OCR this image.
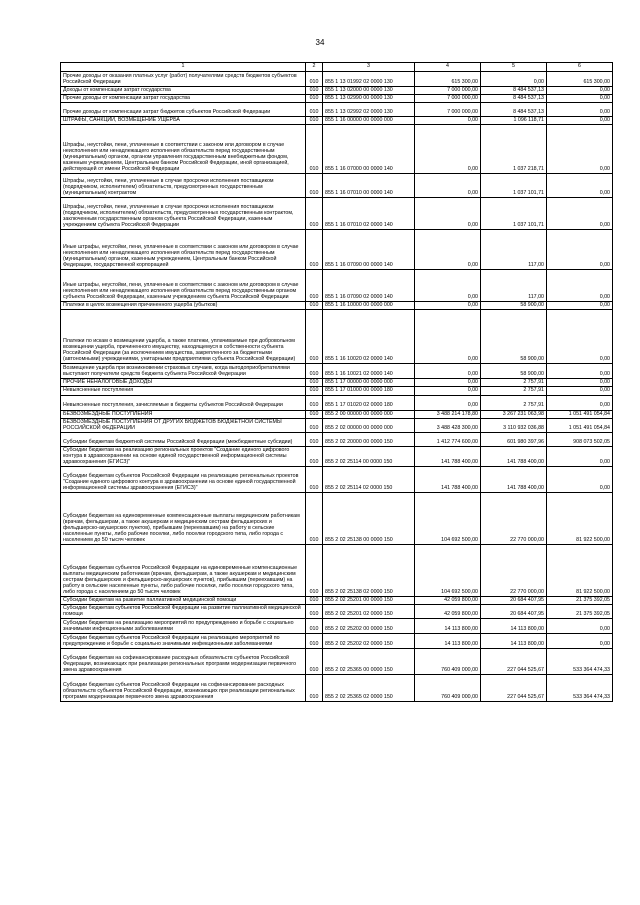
34
1	2	3	4	5	6
Прочие доходы от оказания платных услуг (работ) получателями средств бюджетов субъектов Российской Федерации	010	855 1 13 01992 02 0000 130	615 300,00	0,00	615 300,00
Доходы от компенсации затрат государства	010	855 1 13 02000 00 0000 130	7 000 000,00	8 484 537,13	0,00
Прочие доходы от компенсации затрат государства	010	855 1 13 02990 00 0000 130	7 000 000,00	8 484 537,13	0,00
Прочие доходы от компенсации затрат бюджетов субъектов Российской Федерации	010	855 1 13 02992 02 0000 130	7 000 000,00	8 484 537,13	0,00
ШТРАФЫ, САНКЦИИ, ВОЗМЕЩЕНИЕ УЩЕРБА	010	855 1 16 00000 00 0000 000	0,00	1 096 118,71	0,00
Штрафы, неустойки, пени, уплаченные в соответствии с законом или договором в случае неисполнения или ненадлежащего исполнения обязательств перед государственным (муниципальным) органом, органом управления государственным внебюджетным фондом, казенным учреждением, Центральным банком Российской Федерации, иной организацией, действующей от имени Российской Федерации	010	855 1 16 07000 00 0000 140	0,00	1 037 218,71	0,00
Штрафы, неустойки, пени, уплаченные в случае просрочки исполнения поставщиком (подрядчиком, исполнителем) обязательств, предусмотренных государственным (муниципальным) контрактом	010	855 1 16 07010 00 0000 140	0,00	1 037 101,71	0,00
Штрафы, неустойки, пени, уплаченные в случае просрочки исполнения поставщиком (подрядчиком, исполнителем) обязательств, предусмотренных государственным контрактом, заключенным государственным органом субъекта Российской Федерации, казенным учреждением субъекта Российской Федерации	010	855 1 16 07010 02 0000 140	0,00	1 037 101,71	0,00
Иные штрафы, неустойки, пени, уплаченные в соответствии с законом или договором в случае неисполнения или ненадлежащего исполнения обязательств перед государственным (муниципальным) органом, казенным учреждением, Центральным банком Российской Федерации, государственной корпорацией	010	855 1 16 07090 00 0000 140	0,00	117,00	0,00
Иные штрафы, неустойки, пени, уплаченные в соответствии с законом или договором в случае неисполнения или ненадлежащего исполнения обязательств перед государственным органом субъекта Российской Федерации, казенным учреждением субъекта Российской Федерации	010	855 1 16 07090 02 0000 140	0,00	117,00	0,00
Платежи в целях возмещения причиненного ущерба (убытков)	010	855 1 16 10000 00 0000 000	0,00	58 900,00	0,00
Платежи по искам о возмещении ущерба, а также платежи, уплачиваемые при добровольном возмещении ущерба, причиненного имуществу, находящемуся в собственности субъекта Российской Федерации (за исключением имущества, закрепленного за бюджетными (автономными) учреждениями, унитарными предприятиями субъекта Российской Федерации)	010	855 1 16 10020 02 0000 140	0,00	58 900,00	0,00
Возмещение ущерба при возникновении страховых случаев, когда выгодоприобретателями выступают получатели средств бюджета субъекта Российской Федерации	010	855 1 16 10021 02 0000 140	0,00	58 900,00	0,00
ПРОЧИЕ НЕНАЛОГОВЫЕ ДОХОДЫ	010	855 1 17 00000 00 0000 000	0,00	2 757,91	0,00
Невыясненные поступления	010	855 1 17 01000 00 0000 180	0,00	2 757,91	0,00
Невыясненные поступления, зачисляемые в бюджеты субъектов Российской Федерации	010	855 1 17 01020 02 0000 180	0,00	2 757,91	0,00
БЕЗВОЗМЕЗДНЫЕ ПОСТУПЛЕНИЯ	010	855 2 00 00000 00 0000 000	3 488 214 178,80	3 267 231 063,98	1 051 491 054,84
БЕЗВОЗМЕЗДНЫЕ ПОСТУПЛЕНИЯ ОТ ДРУГИХ БЮДЖЕТОВ БЮДЖЕТНОЙ СИСТЕМЫ РОССИЙСКОЙ ФЕДЕРАЦИИ	010	855 2 02 00000 00 0000 000	3 488 428 300,00	3 110 932 036,88	1 051 491 054,84
Субсидии бюджетам бюджетной системы Российской Федерации (межбюджетные субсидии)	010	855 2 02 20000 00 0000 150	1 412 774 600,00	601 980 397,96	908 073 502,05
Субсидии бюджетам на реализацию региональных проектов "Создание единого цифрового контура в здравоохранении на основе единой государственной информационной системы здравоохранения (ЕГИСЗ)"	010	855 2 02 25114 00 0000 150	141 788 400,00	141 788 400,00	0,00
Субсидии бюджетам субъектов Российской Федерации на реализацию региональных проектов "Создание единого цифрового контура в здравоохранении на основе единой государственной информационной системы здравоохранения (ЕГИСЗ)"	010	855 2 02 25114 02 0000 150	141 788 400,00	141 788 400,00	0,00
Субсидии бюджетам на единовременные компенсационные выплаты медицинским работникам (врачам, фельдшерам, а также акушеркам и медицинским сестрам фельдшерских и фельдшерско-акушерских пунктов), прибывшим (переехавшим) на работу в сельские населенные пункты, либо рабочие поселки, либо поселки городского типа, либо города с населением до 50 тысяч человек	010	855 2 02 25138 00 0000 150	104 692 500,00	22 770 000,00	81 922 500,00
Субсидии бюджетам субъектов Российской Федерации на единовременные компенсационные выплаты медицинским работникам (врачам, фельдшерам, а также акушеркам и медицинским сестрам фельдшерских и фельдшерско-акушерских пунктов), прибывшим (переехавшим) на работу в сельские населенные пункты, либо рабочие поселки, либо поселки городского типа, либо города с населением до 50 тысяч человек	010	855 2 02 25138 02 0000 150	104 692 500,00	22 770 000,00	81 922 500,00
Субсидии бюджетам на развитие паллиативной медицинской помощи	010	855 2 02 25201 00 0000 150	42 059 800,00	20 684 407,95	21 375 392,05
Субсидии бюджетам субъектов Российской Федерации на развитие паллиативной медицинской помощи	010	855 2 02 25201 02 0000 150	42 059 800,00	20 684 407,95	21 375 392,05
Субсидии бюджетам на реализацию мероприятий по предупреждению и борьбе с социально значимыми инфекционными заболеваниями	010	855 2 02 25202 00 0000 150	14 113 800,00	14 113 800,00	0,00
Субсидии бюджетам субъектов Российской Федерации на реализацию мероприятий по предупреждению и борьбе с социально значимыми инфекционными заболеваниями	010	855 2 02 25202 02 0000 150	14 113 800,00	14 113 800,00	0,00
Субсидии бюджетам на софинансирование расходных обязательств субъектов Российской Федерации, возникающих при реализации региональных программ модернизации первичного звена здравоохранения	010	855 2 02 25365 00 0000 150	760 409 000,00	227 044 525,67	533 364 474,33
Субсидии бюджетам субъектов Российской Федерации на софинансирование расходных обязательств субъектов Российской Федерации, возникающих при реализации региональных программ модернизации первичного звена здравоохранения	010	855 2 02 25365 02 0000 150	760 409 000,00	227 044 525,67	533 364 474,33
